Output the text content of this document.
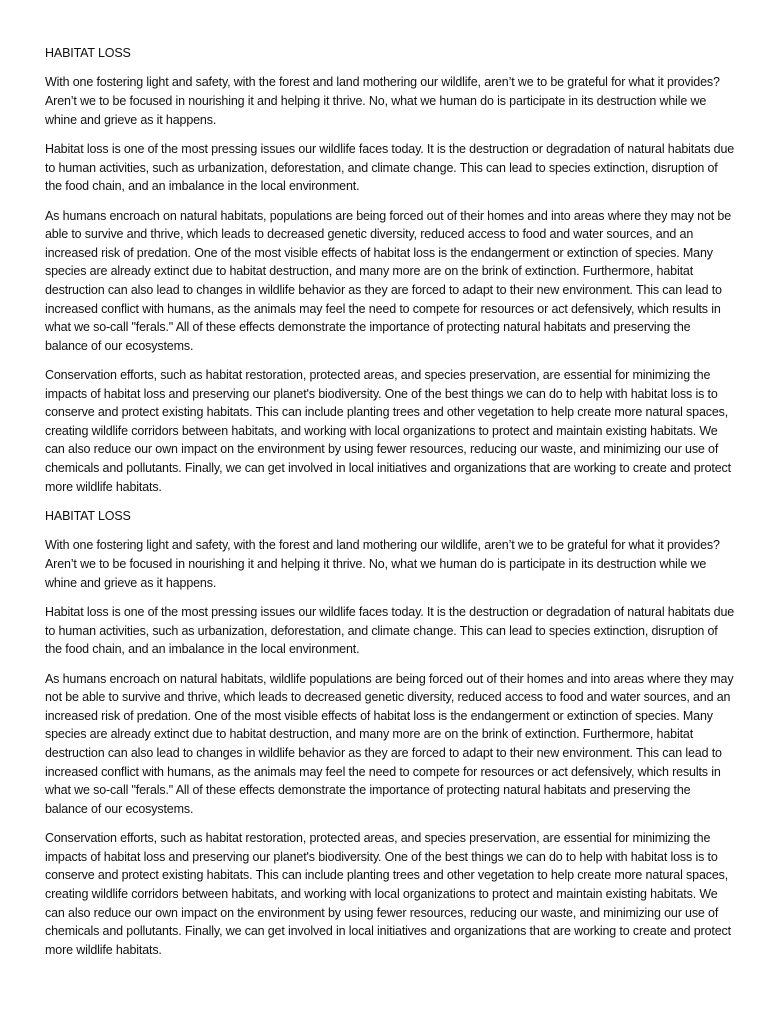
HABITAT LOSS

With one fostering light and safety, with the forest and land mothering our wildlife, aren’t we to be grateful for what it provides? Aren’t we to be focused in nourishing it and helping it thrive. No, what we human do is participate in its destruction while we whine and grieve as it happens.

Habitat loss is one of the most pressing issues our wildlife faces today. It is the destruction or degradation of natural habitats due to human activities, such as urbanization, deforestation, and climate change. This can lead to species extinction, disruption of the food chain, and an imbalance in the local environment.

As humans encroach on natural habitats, populations are being forced out of their homes and into areas where they may not be able to survive and thrive, which leads to decreased genetic diversity, reduced access to food and water sources, and an increased risk of predation. One of the most visible effects of habitat loss is the endangerment or extinction of species. Many species are already extinct due to habitat destruction, and many more are on the brink of extinction. Furthermore, habitat destruction can also lead to changes in wildlife behavior as they are forced to adapt to their new environment. This can lead to increased conflict with humans, as the animals may feel the need to compete for resources or act defensively, which results in what we so-call "ferals." All of these effects demonstrate the importance of protecting natural habitats and preserving the balance of our ecosystems.

Conservation efforts, such as habitat restoration, protected areas, and species preservation, are essential for minimizing the impacts of habitat loss and preserving our planet's biodiversity. One of the best things we can do to help with habitat loss is to conserve and protect existing habitats. This can include planting trees and other vegetation to help create more natural spaces, creating wildlife corridors between habitats, and working with local organizations to protect and maintain existing habitats. We can also reduce our own impact on the environment by using fewer resources, reducing our waste, and minimizing our use of chemicals and pollutants. Finally, we can get involved in local initiatives and organizations that are working to create and protect more wildlife habitats.

HABITAT LOSS

With one fostering light and safety, with the forest and land mothering our wildlife, aren’t we to be grateful for what it provides? Aren’t we to be focused in nourishing it and helping it thrive. No, what we human do is participate in its destruction while we whine and grieve as it happens.

Habitat loss is one of the most pressing issues our wildlife faces today. It is the destruction or degradation of natural habitats due to human activities, such as urbanization, deforestation, and climate change. This can lead to species extinction, disruption of the food chain, and an imbalance in the local environment.

As humans encroach on natural habitats, wildlife populations are being forced out of their homes and into areas where they may not be able to survive and thrive, which leads to decreased genetic diversity, reduced access to food and water sources, and an increased risk of predation. One of the most visible effects of habitat loss is the endangerment or extinction of species. Many species are already extinct due to habitat destruction, and many more are on the brink of extinction. Furthermore, habitat destruction can also lead to changes in wildlife behavior as they are forced to adapt to their new environment. This can lead to increased conflict with humans, as the animals may feel the need to compete for resources or act defensively, which results in what we so-call "ferals." All of these effects demonstrate the importance of protecting natural habitats and preserving the balance of our ecosystems.

Conservation efforts, such as habitat restoration, protected areas, and species preservation, are essential for minimizing the impacts of habitat loss and preserving our planet's biodiversity. One of the best things we can do to help with habitat loss is to conserve and protect existing habitats. This can include planting trees and other vegetation to help create more natural spaces, creating wildlife corridors between habitats, and working with local organizations to protect and maintain existing habitats. We can also reduce our own impact on the environment by using fewer resources, reducing our waste, and minimizing our use of chemicals and pollutants. Finally, we can get involved in local initiatives and organizations that are working to create and protect more wildlife habitats.
